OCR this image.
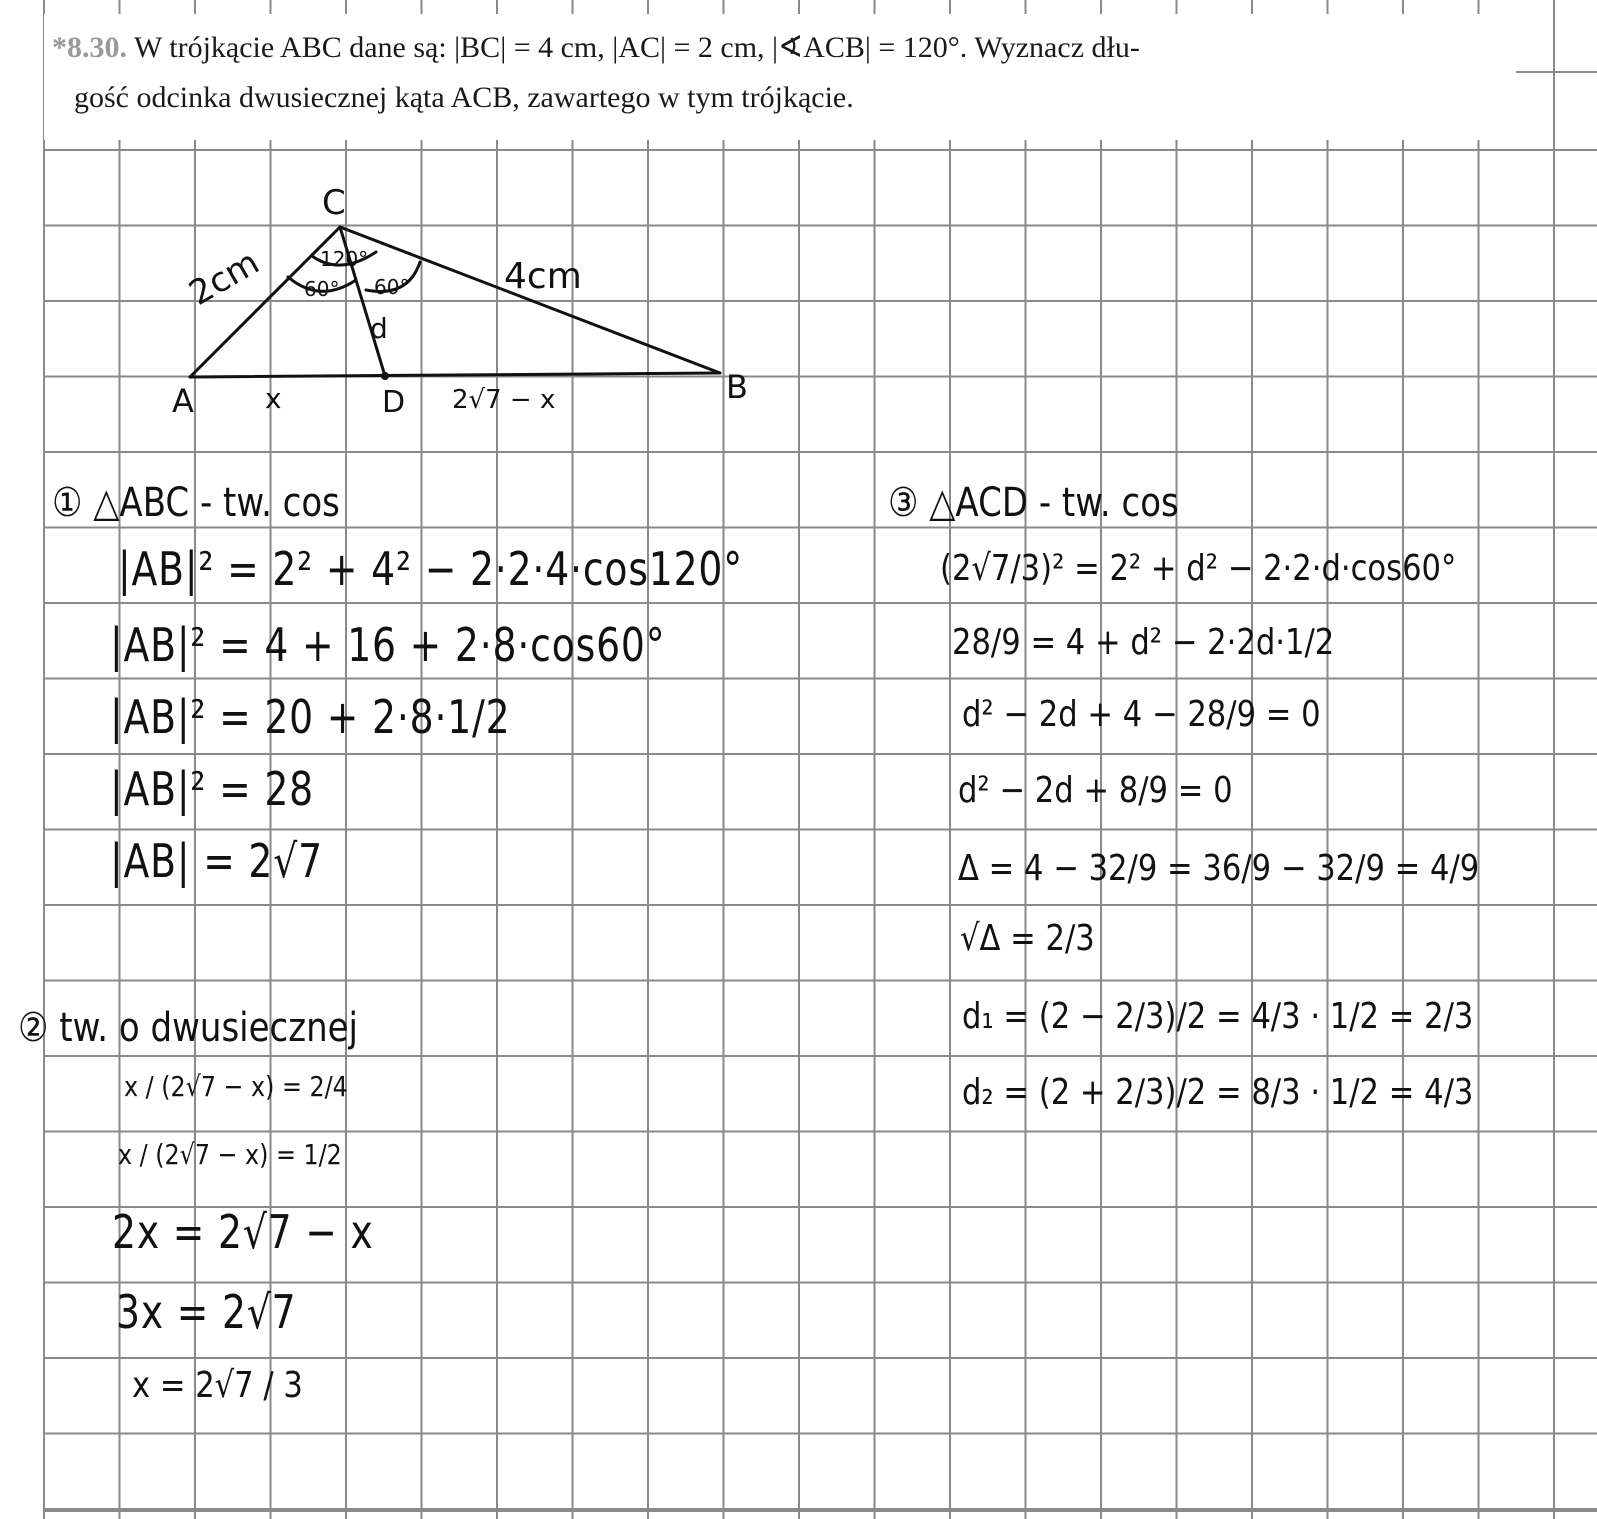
*8.30. W trójkącie ABC dane są: |BC| = 4 cm, |AC| = 2 cm, |∢ACB| = 120°. Wyznacz dłu-
gość odcinka dwusiecznej kąta ACB, zawartego w tym trójkącie.
C
A	D	B
2cm	4cm
120°
60° 60°
d
x	2√7 − x
① △ABC - tw. cos
|AB|² = 2² + 4² − 2·2·4·cos120°
|AB|² = 4 + 16 + 2·8·cos60°
|AB|² = 20 + 2·8·1/2
|AB|² = 28
|AB| = 2√7
② tw. o dwusiecznej
x / (2√7 − x) = 2/4
x / (2√7 − x) = 1/2
2x = 2√7 − x
3x = 2√7
x = 2√7 / 3
③ △ACD - tw. cos
(2√7/3)² = 2² + d² − 2·2·d·cos60°
28/9 = 4 + d² − 2·2d·1/2
d² − 2d + 4 − 28/9 = 0
d² − 2d + 8/9 = 0
Δ = 4 − 32/9 = 36/9 − 32/9 = 4/9
√Δ = 2/3
d₁ = (2 − 2/3)/2 = 4/3 · 1/2 = 2/3
d₂ = (2 + 2/3)/2 = 8/3 · 1/2 = 4/3
